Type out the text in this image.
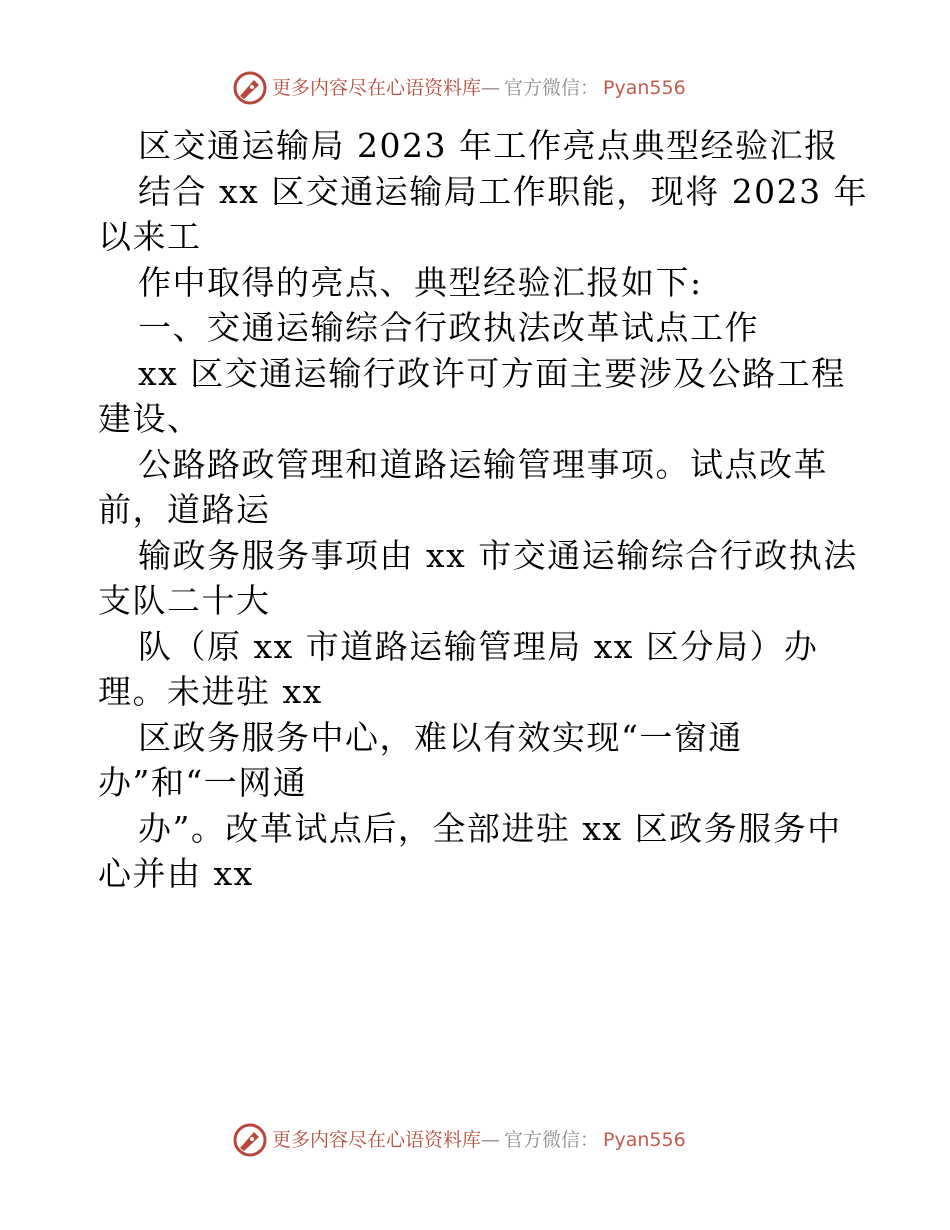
更多内容尽在心语资料库— 官方微信： Pyan556
区交通运输局 2023 年工作亮点典型经验汇报
结合 xx 区交通运输局工作职能，现将 2023 年
以来工
作中取得的亮点、典型经验汇报如下:
一、交通运输综合行政执法改革试点工作
xx 区交通运输行政许可方面主要涉及公路工程
建设、
公路路政管理和道路运输管理事项。试点改革
前，道路运
输政务服务事项由 xx 市交通运输综合行政执法
支队二十大
队（原 xx 市道路运输管理局 xx 区分局）办
理。未进驻 xx
区政务服务中心，难以有效实现“一窗通
办”和“一网通
办”。改革试点后，全部进驻 xx 区政务服务中
心并由 xx
更多内容尽在心语资料库— 官方微信： Pyan556
